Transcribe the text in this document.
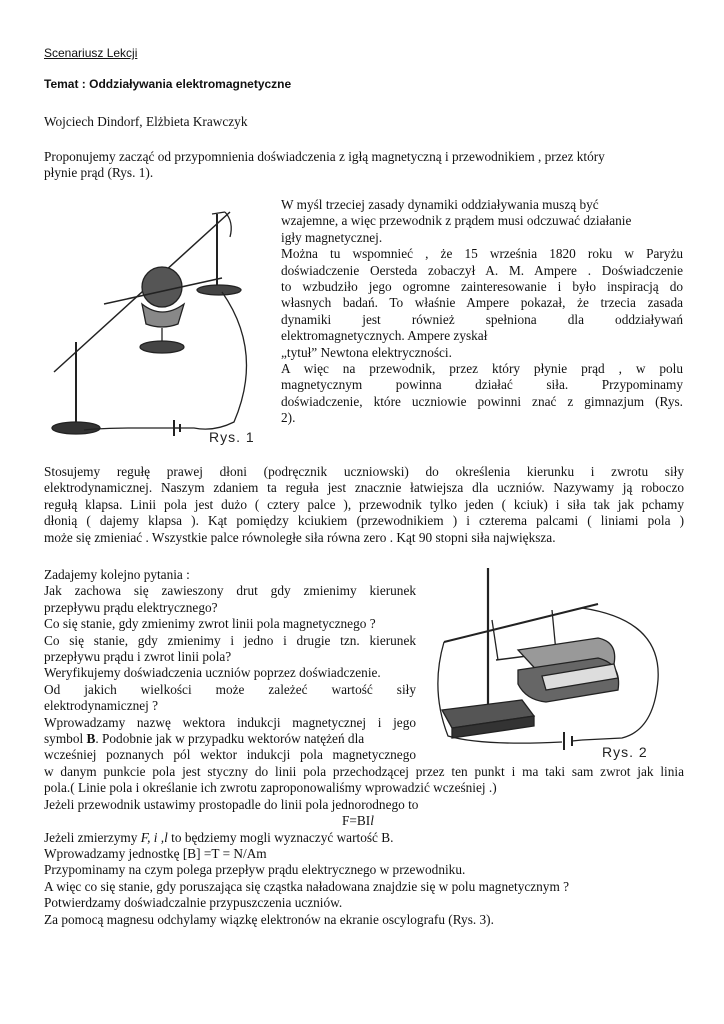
Scenariusz Lekcji
Temat : Oddziaływania elektromagnetyczne
Wojciech Dindorf, Elżbieta Krawczyk
Proponujemy zacząć od przypomnienia doświadczenia z igłą magnetyczną i przewodnikiem , przez który
płynie prąd (Rys. 1).
Rys. 1
W myśl trzeciej zasady dynamiki oddziaływania muszą być
wzajemne, a więc przewodnik z prądem musi odczuwać działanie
igły magnetycznej.
Można tu wspomnieć , że 15 września 1820 roku w Paryżu
doświadczenie Oersteda zobaczył A. M. Ampere . Doświadczenie
to wzbudziło jego ogromne zainteresowanie i było inspiracją do
własnych badań. To właśnie Ampere pokazał, że trzecia zasada
dynamiki jest również spełniona dla oddziaływań
elektromagnetycznych. Ampere zyskał
„tytuł” Newtona elektryczności.
A więc na przewodnik, przez który płynie prąd , w polu
magnetycznym powinna działać siła. Przypominamy
doświadczenie, które uczniowie powinni znać z gimnazjum (Rys.
2).
Stosujemy regułę prawej dłoni (podręcznik uczniowski) do określenia kierunku i zwrotu siły
elektrodynamicznej. Naszym zdaniem ta reguła jest znacznie łatwiejsza dla uczniów. Nazywamy ją roboczo
regułą klapsa. Linii pola jest dużo ( cztery palce ), przewodnik tylko jeden ( kciuk) i siła tak jak pchamy
dłonią ( dajemy klapsa ). Kąt pomiędzy kciukiem (przewodnikiem ) i czterema palcami ( liniami pola )
może się zmieniać . Wszystkie palce równoległe siła równa zero . Kąt 90 stopni siła największa.
Zadajemy kolejno pytania :
Jak zachowa się zawieszony drut gdy zmienimy kierunek
przepływu prądu elektrycznego?
Co się stanie, gdy zmienimy zwrot linii pola magnetycznego ?
Co się stanie, gdy zmienimy i jedno i drugie tzn. kierunek
przepływu prądu i zwrot linii pola?
Weryfikujemy doświadczenia uczniów poprzez doświadczenie.
Od jakich wielkości może zależeć wartość siły
elektrodynamicznej ?
Wprowadzamy nazwę wektora indukcji magnetycznej i jego
symbol B. Podobnie jak w przypadku wektorów natężeń dla
wcześniej poznanych pól wektor indukcji pola magnetycznego	Rys. 2
w danym punkcie pola jest styczny do linii pola przechodzącej przez ten punkt i ma taki sam zwrot jak linia
pola.( Linie pola i określanie ich zwrotu zaproponowaliśmy wprowadzić wcześniej .)
Jeżeli przewodnik ustawimy prostopadle do linii pola jednorodnego to
F=BIl
Jeżeli zmierzymy F, i ,l to będziemy mogli wyznaczyć wartość B.
Wprowadzamy jednostkę [B] =T = N/Am
Przypominamy na czym polega przepływ prądu elektrycznego w przewodniku.
A więc co się stanie, gdy poruszająca się cząstka naładowana znajdzie się w polu magnetycznym ?
Potwierdzamy doświadczalnie przypuszczenia uczniów.
Za pomocą magnesu odchylamy wiązkę elektronów na ekranie oscylografu (Rys. 3).
